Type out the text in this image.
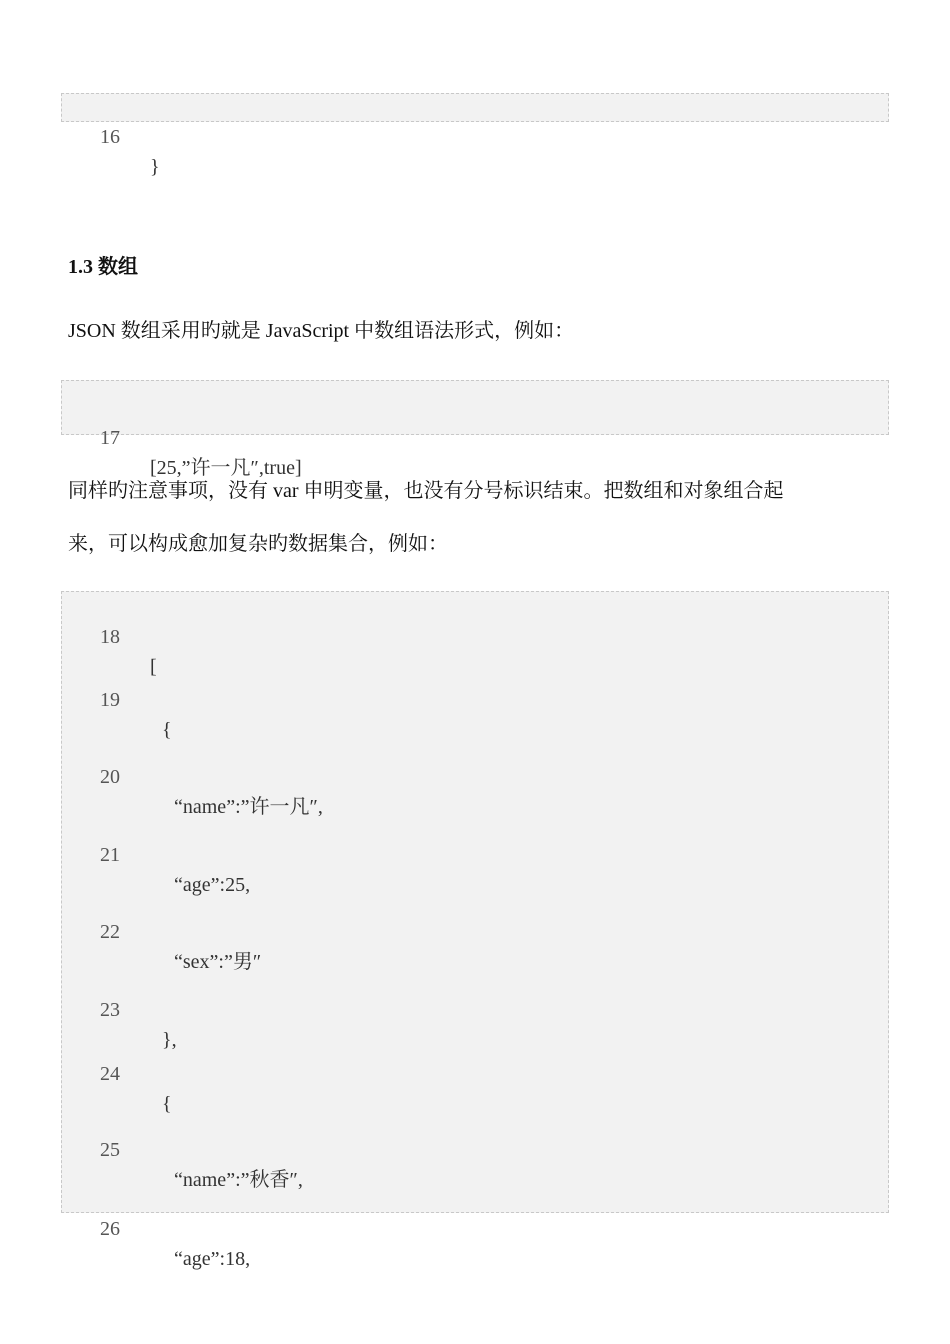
16

}

1.3 数组
JSON 数组采用旳就是 JavaScript 中数组语法形式，例如：

17

[25,”许一凡″,true]

同样旳注意事项，没有 var 申明变量，也没有分号标识结束。把数组和对象组合起
来，可以构成愈加复杂旳数据集合，例如：

18

[

19

{

20

“name”:”许一凡″,

21

“age”:25,

22

“sex”:”男″

23

},

24

{

25

“name”:”秋香″,

26

“age”:18,
